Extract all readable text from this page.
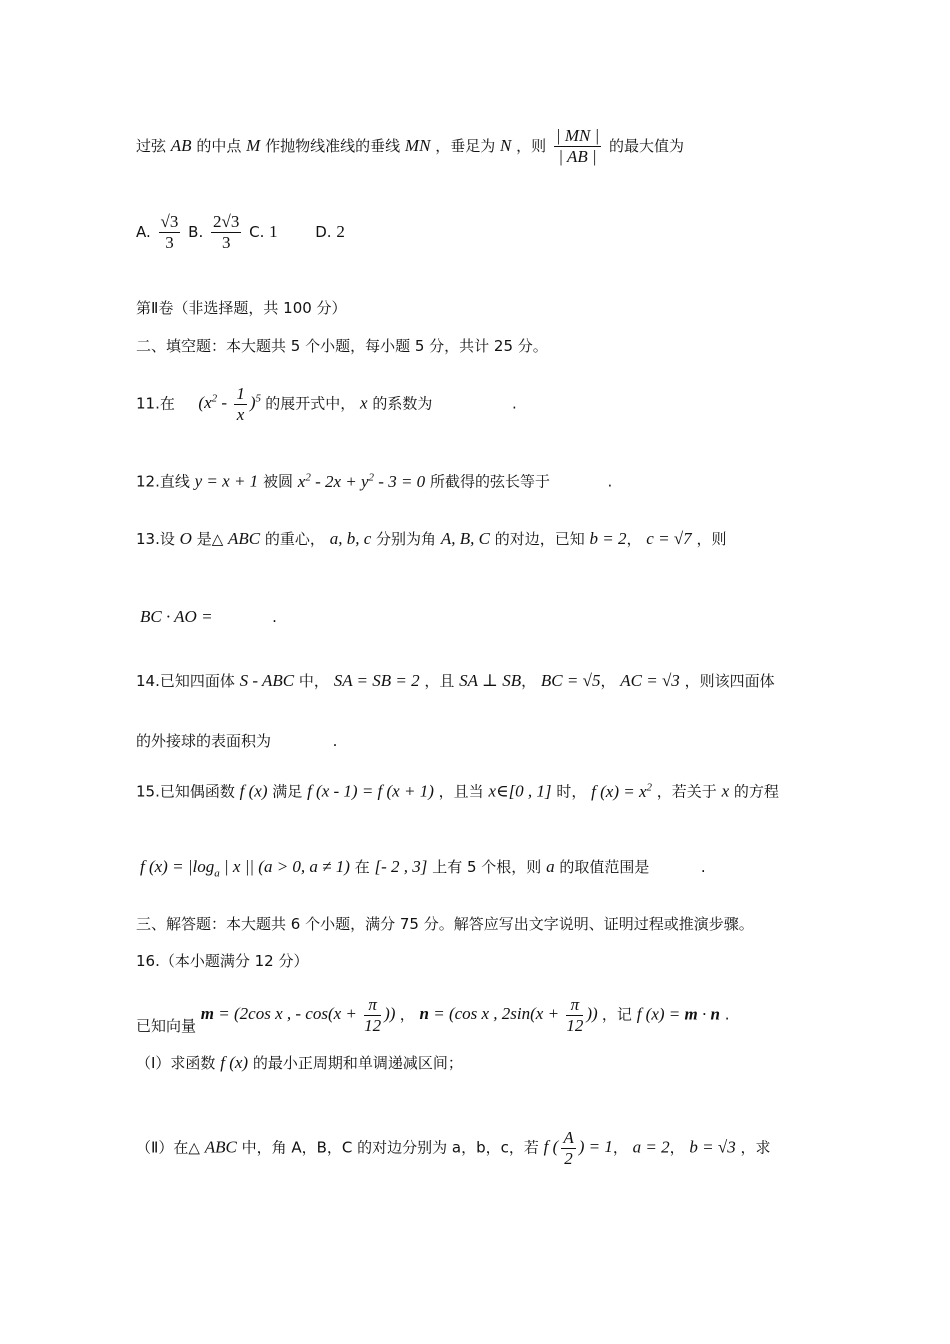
过弦 AB 的中点 M 作抛物线准线的垂线 MN ，垂足为 N ，则 $\frac{| MN |}{| AB |}$ 的最大值为
A. $\frac{√3}{3} B$. $\frac{2√3}{3} C$. 1	D. 2
第Ⅱ卷（非选择题，共 100 分）
二、填空题：本大题共 5 个小题，每小题 5 分，共计 25 分。
11.在 $(x^2 - \frac{1}{x} )^5$ 的展开式中， x 的系数为	.
12.直线 y = x + 1 被圆 $x^2 - 2x + y^2 - 3 = 0$ 所截得的弦长等于	.
13.设 O 是△ ABC 的重心， a, b, c 分别为角 A, B, C 的对边，已知 b = 2， c = √7 ，则
BC · AO =	.
14.已知四面体 S - ABC 中， SA = SB = 2 ，且 SA ⊥ SB， BC = √5， AC = √3 ，则该四面体
的外接球的表面积为	.
15.已知偶函数 f (x) 满足 f (x - 1) = f (x + 1) ，且当 x∈[0 , 1] 时， f $(x) = x^2$ ，若关于 x 的方程
f $(x) = |\log_a$ | x || (a > 0, a ≠ 1) 在 [- 2 , 3] 上有 5 个根，则 a 的取值范围是	.
三、解答题：本大题共 6 个小题，满分 75 分。解答应写出文字说明、证明过程或推演步骤。
16.（本小题满分 12 分）
已知向量 m = (2cos x , - $\cos(x + \frac{\pi}{12}$ )) ， n = (cos x , $2\sin(x + \frac{\pi}{12}$ )) ，记 f (x) = m · n .
（Ⅰ）求函数 f (x) 的最小正周期和单调递减区间；
（Ⅱ）在△ ABC 中，角 A，B，C 的对边分别为 a，b，c，若 f ( $\frac{A}{2}$ ) = 1， a = 2， b = √3 ，求
